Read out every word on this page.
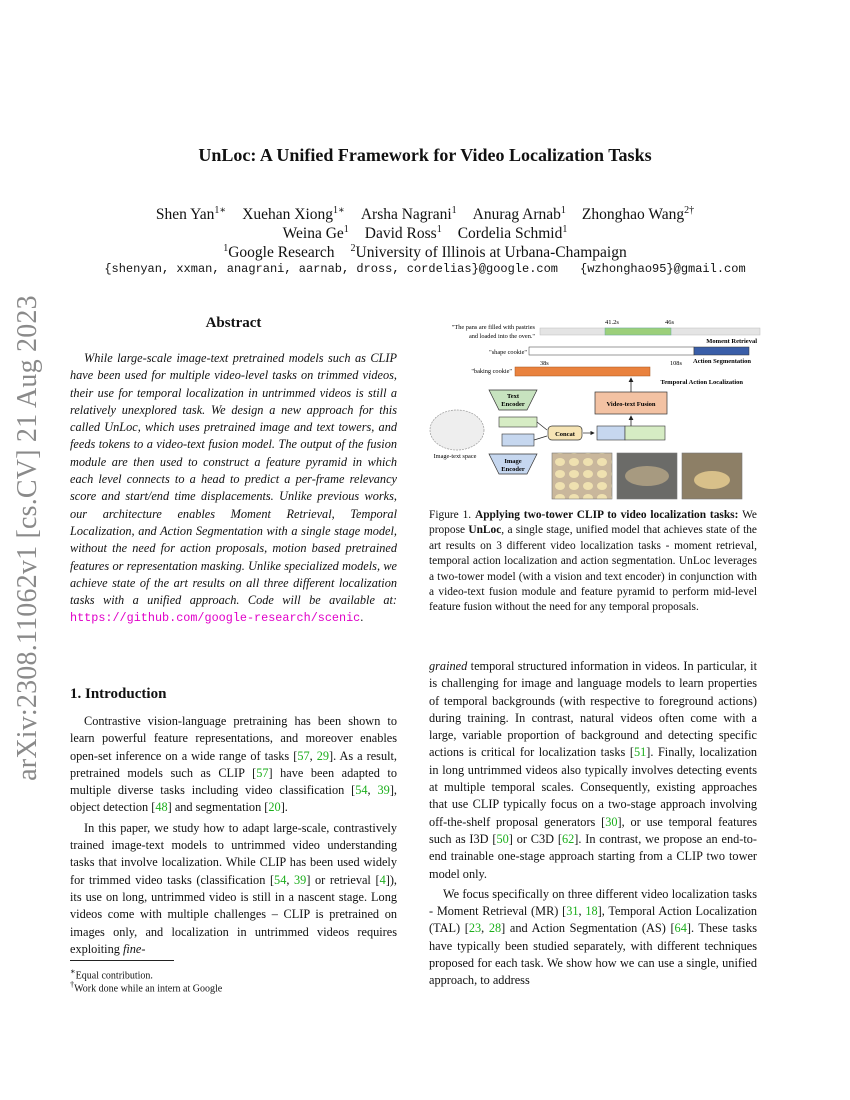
arXiv:2308.11062v1 [cs.CV] 21 Aug 2023
UnLoc: A Unified Framework for Video Localization Tasks
Shen Yan$^{1∗}$ Xuehan Xiong$^{1∗}$ Arsha Nagrani$^1$ Anurag Arnab$^1$ Zhonghao Wang$^{2\dagger}$
Weina Ge$^1$ David Ross$^1$ Cordelia Schmid$^1$
$^1$Google Research $^2$University of Illinois at Urbana-Champaign
{shenyan, xxman, anagrani, aarnab, dross, cordelias}@google.com {wzhonghao95}@gmail.com
Abstract

While large-scale image-text pretrained models such as CLIP have been used for multiple video-level tasks on trimmed videos, their use for temporal localization in untrimmed videos is still a relatively unexplored task. We design a new approach for this called UnLoc, which uses pretrained image and text towers, and feeds tokens to a video-text fusion model. The output of the fusion module are then used to construct a feature pyramid in which each level connects to a head to predict a per-frame relevancy score and start/end time displacements. Unlike previous works, our architecture enables Moment Retrieval, Temporal Localization, and Action Segmentation with a single stage model, without the need for action proposals, motion based pretrained features or representation masking. Unlike specialized models, we achieve state of the art results on all three different localization tasks with a unified approach. Code will be available at: https://github.com/google-research/scenic.

1. Introduction

Contrastive vision-language pretraining has been shown to learn powerful feature representations, and moreover enables open-set inference on a wide range of tasks [57, 29]. As a result, pretrained models such as CLIP [57] have been adapted to multiple diverse tasks including video classification [54, 39], object detection [48] and segmentation [20].

In this paper, we study how to adapt large-scale, contrastively trained image-text models to untrimmed video understanding tasks that involve localization. While CLIP has been used widely for trimmed video tasks (classification [54, 39] or retrieval [4]), its use on long, untrimmed video is still in a nascent stage. Long videos come with multiple challenges – CLIP is pretrained on images only, and localization in untrimmed videos requires exploiting fine-

∗Equal contribution.
†Work done while an intern at Google

grained temporal structured information in videos. In particular, it is challenging for image and language models to learn properties of temporal backgrounds (with respective to foreground actions) during training. In contrast, natural videos often come with a large, variable proportion of background and detecting specific actions is critical for localization tasks [51]. Finally, localization in long untrimmed videos also typically involves detecting events at multiple temporal scales. Consequently, existing approaches that use CLIP typically focus on a two-stage approach involving off-the-shelf proposal generators [30], or use temporal features such as I3D [50] or C3D [62]. In contrast, we propose an end-to-end trainable one-stage approach starting from a CLIP two tower model only.

We focus specifically on three different video localization tasks - Moment Retrieval (MR) [31, 18], Temporal Action Localization (TAL) [23, 28] and Action Segmentation (AS) [64]. These tasks have typically been studied separately, with different techniques proposed for each task. We show how we can use a single, unified approach, to address

41.2s	46s
Moment Retrieval
"The pans are filled with pastries
and loaded into the oven."
"shape cookie"
Action Segmentation
38s	108s
"baking cookie"
Temporal Action Localization
Text
Encoder	Video-text Fusion
Concat
Image-text space
Image
Encoder
Figure 1. Applying two-tower CLIP to video localization tasks: We propose UnLoc, a single stage, unified model that achieves state of the art results on 3 different video localization tasks - moment retrieval, temporal action localization and action segmentation. UnLoc leverages a two-tower model (with a vision and text encoder) in conjunction with a video-text fusion module and feature pyramid to perform mid-level feature fusion without the need for any temporal proposals.
